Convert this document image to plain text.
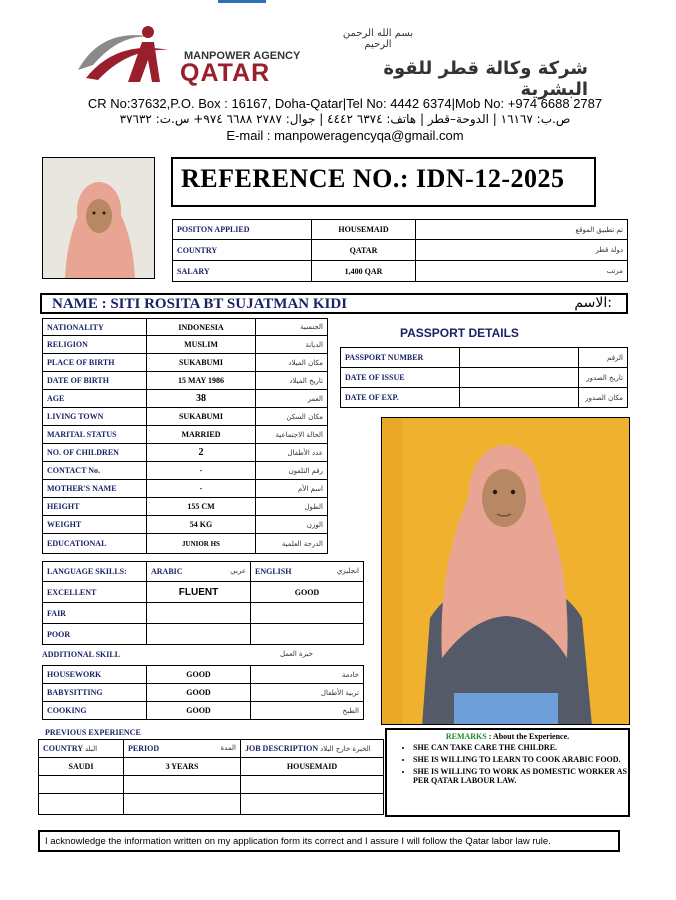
بسم الله الرحمن الرحيم
MANPOWER AGENCY
QATAR	شركة وكالة قطر للقوة البشرية
CR No:37632,P.O. Box : 16167, Doha-Qatar|Tel No: 4442 6374|Mob No: +974 6688 2787
ص.ب: ١٦١٦٧ | الدوحة–قطر | هاتف: ٦٣٧٤ ٤٤٤٢ | جوال: ٢٧٨٧ ٦٦٨٨ ٩٧٤+ س.ت: ٣٧٦٣٢
E-mail : manpoweragencyqa@gmail.com
REFERENCE NO.: IDN-12-2025
POSITON APPLIED	HOUSEMAID	تم تطبيق الموقع
COUNTRY	QATAR	دولة قطر
SALARY	1,400 QAR	مرتب
NAME : SITI ROSITA BT SUJATMAN KIDI	الاسم:
NATIONALITY	INDONESIA	الجنسية
RELIGION	MUSLIM	الديانة
PLACE OF BIRTH	SUKABUMI	مكان الميلاد
DATE OF BIRTH	15 MAY 1986	تاريخ الميلاد
AGE	38	العمر
LIVING TOWN	SUKABUMI	مكان السكن
MARITAL STATUS	MARRIED	الحالة الاجتماعية
NO. OF CHILDREN	2	عدد الأطفال
CONTACT No.	-	رقم التلفون
MOTHER'S NAME	-	اسم الأم
HEIGHT	155 CM	الطول
WEIGHT	54 KG	الوزن
EDUCATIONAL	JUNIOR HS	الدرجة العلمية
PASSPORT DETAILS
PASSPORT NUMBER		الرقم
DATE OF ISSUE		تاريخ الصدور
DATE OF EXP.		مكان الصدور
LANGUAGE SKILLS:	ARABIC عربي	ENGLISH انجليزي

EXCELLENT	FLUENT	GOOD
FAIR		
POOR		
ADDITIONAL SKILL	خبرة العمل
HOUSEWORK	GOOD	خادمة
BABYSITTING	GOOD	تربية الأطفال
COOKING	GOOD	الطبخ
PREVIOUS EXPERIENCE
COUNTRY البلد	PERIOD المدة	JOB DESCRIPTION الخبرة خارج البلاد
SAUDI	3 YEARS	HOUSEMAID

REMARKS : About the Experience.
• SHE CAN TAKE CARE THE CHILDRE.
• SHE IS WILLING TO LEARN TO COOK ARABIC FOOD.
• SHE IS WILLING TO WORK AS DOMESTIC WORKER AS PER QATAR LABOUR LAW.
I acknowledge the information written on my application form its correct and I assure I will follow the Qatar labor law rule.
